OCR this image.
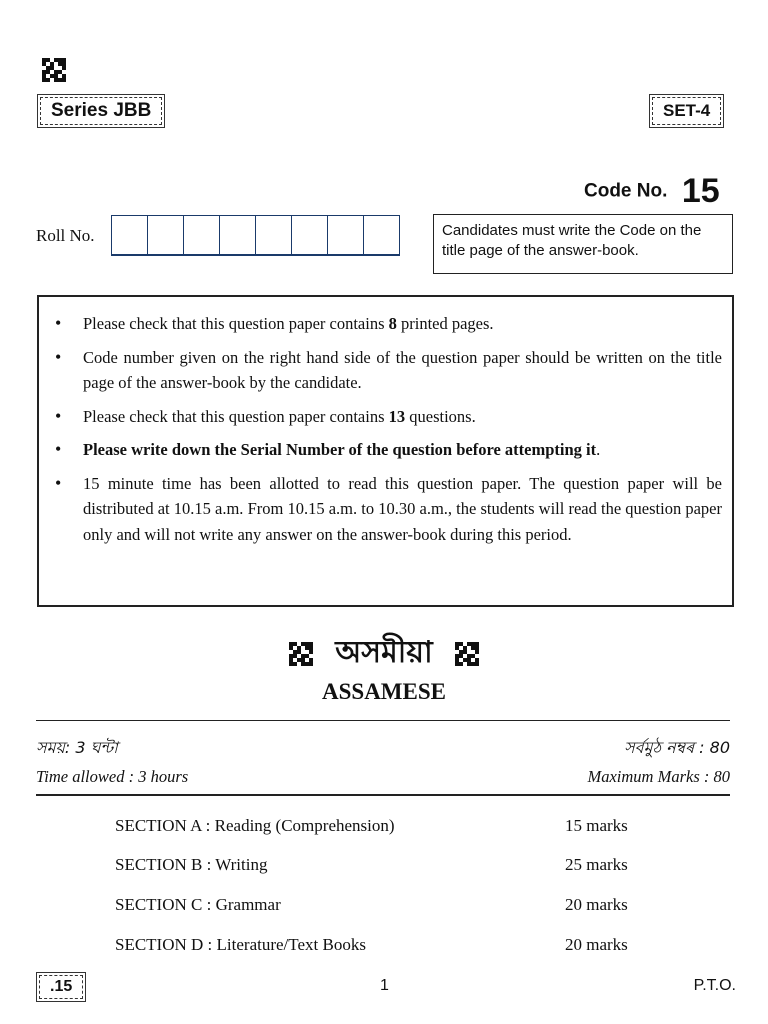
Series JBB	SET-4
Code No. 15
Roll No.	Candidates must write the Code on the title page of the answer-book.
• Please check that this question paper contains 8 printed pages.
• Code number given on the right hand side of the question paper should be written on the title page of the answer-book by the candidate.
• Please check that this question paper contains 13 questions.
• Please write down the Serial Number of the question before attempting it.
• 15 minute time has been allotted to read this question paper. The question paper will be distributed at 10.15 a.m. From 10.15 a.m. to 10.30 a.m., the students will read the question paper only and will not write any answer on the answer-book during this period.
অসমীয়া
ASSAMESE
সময়: 3 ঘন্টা	সৰ্বমুঠ নম্বৰ : 80
Time allowed : 3 hours	Maximum Marks : 80
SECTION A : Reading (Comprehension)	15 marks
SECTION B : Writing	25 marks
SECTION C : Grammar	20 marks
SECTION D : Literature/Text Books	20 marks
.15	1	P.T.O.
